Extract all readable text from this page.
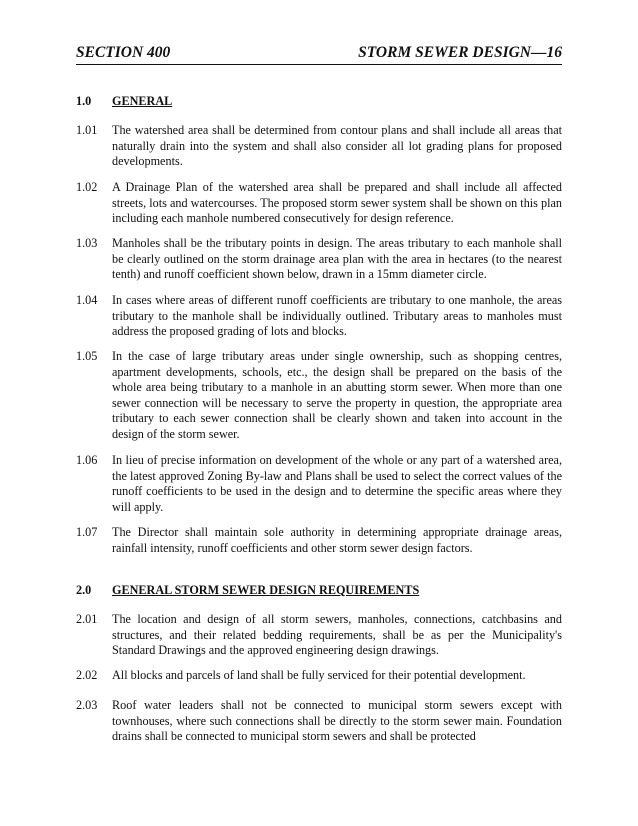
SECTION 400	STORM SEWER DESIGN—16
1.0 GENERAL
1.01 The watershed area shall be determined from contour plans and shall include all areas that naturally drain into the system and shall also consider all lot grading plans for proposed developments.
1.02 A Drainage Plan of the watershed area shall be prepared and shall include all affected streets, lots and watercourses. The proposed storm sewer system shall be shown on this plan including each manhole numbered consecutively for design reference.
1.03 Manholes shall be the tributary points in design. The areas tributary to each manhole shall be clearly outlined on the storm drainage area plan with the area in hectares (to the nearest tenth) and runoff coefficient shown below, drawn in a 15mm diameter circle.
1.04 In cases where areas of different runoff coefficients are tributary to one manhole, the areas tributary to the manhole shall be individually outlined. Tributary areas to manholes must address the proposed grading of lots and blocks.
1.05 In the case of large tributary areas under single ownership, such as shopping centres, apartment developments, schools, etc., the design shall be prepared on the basis of the whole area being tributary to a manhole in an abutting storm sewer. When more than one sewer connection will be necessary to serve the property in question, the appropriate area tributary to each sewer connection shall be clearly shown and taken into account in the design of the storm sewer.
1.06 In lieu of precise information on development of the whole or any part of a watershed area, the latest approved Zoning By-law and Plans shall be used to select the correct values of the runoff coefficients to be used in the design and to determine the specific areas where they will apply.
1.07 The Director shall maintain sole authority in determining appropriate drainage areas, rainfall intensity, runoff coefficients and other storm sewer design factors.
2.0 GENERAL STORM SEWER DESIGN REQUIREMENTS
2.01 The location and design of all storm sewers, manholes, connections, catchbasins and structures, and their related bedding requirements, shall be as per the Municipality's Standard Drawings and the approved engineering design drawings.
2.02 All blocks and parcels of land shall be fully serviced for their potential development.
2.03 Roof water leaders shall not be connected to municipal storm sewers except with townhouses, where such connections shall be directly to the storm sewer main. Foundation drains shall be connected to municipal storm sewers and shall be protected
